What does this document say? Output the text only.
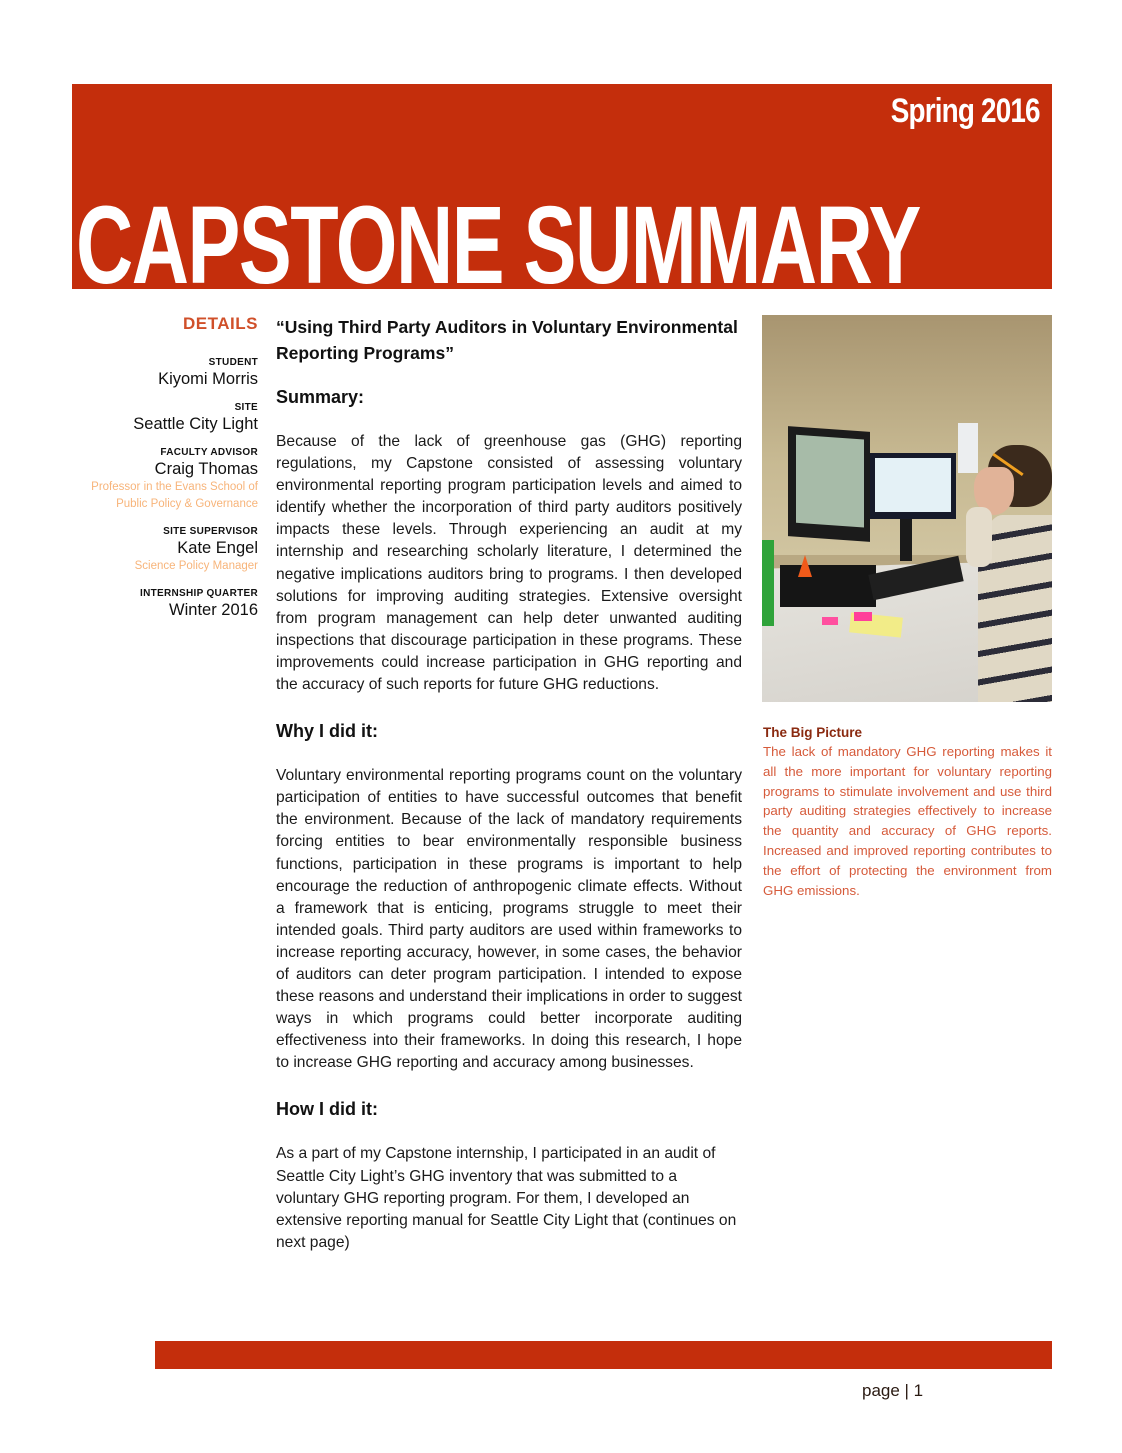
Spring 2016
CAPSTONE SUMMARY
DETAILS
STUDENT
Kiyomi Morris
SITE
Seattle City Light
FACULTY ADVISOR
Craig Thomas
Professor in the Evans School of Public Policy & Governance
SITE SUPERVISOR
Kate Engel
Science Policy Manager
INTERNSHIP QUARTER
Winter 2016
“Using Third Party Auditors in Voluntary Environmental Reporting Programs”
Summary:

Because of the lack of greenhouse gas (GHG) reporting regulations, my Capstone consisted of assessing voluntary environmental reporting program participation levels and aimed to identify whether the incorporation of third party auditors positively impacts these levels. Through experiencing an audit at my internship and researching scholarly literature, I determined the negative implications auditors bring to programs. I then developed solutions for improving auditing strategies. Extensive oversight from program management can help deter unwanted auditing inspections that discourage participation in these programs. These improvements could increase participation in GHG reporting and the accuracy of such reports for future GHG reductions.

Why I did it:

Voluntary environmental reporting programs count on the voluntary participation of entities to have successful outcomes that benefit the environment. Because of the lack of mandatory requirements forcing entities to bear environmentally responsible business functions, participation in these programs is important to help encourage the reduction of anthropogenic climate effects. Without a framework that is enticing, programs struggle to meet their intended goals. Third party auditors are used within frameworks to increase reporting accuracy, however, in some cases, the behavior of auditors can deter program participation. I intended to expose these reasons and understand their implications in order to suggest ways in which programs could better incorporate auditing effectiveness into their frameworks. In doing this research, I hope to increase GHG reporting and accuracy among businesses.

How I did it:

As a part of my Capstone internship, I participated in an audit of Seattle City Light’s GHG inventory that was submitted to a voluntary GHG reporting program. For them, I developed an extensive reporting manual for Seattle City Light that (continues on next page)

The Big Picture
The lack of mandatory GHG reporting makes it all the more important for voluntary reporting programs to stimulate involvement and use third party auditing strategies effectively to increase the quantity and accuracy of GHG reports. Increased and improved reporting contributes to the effort of protecting the environment from GHG emissions.
page | 1
